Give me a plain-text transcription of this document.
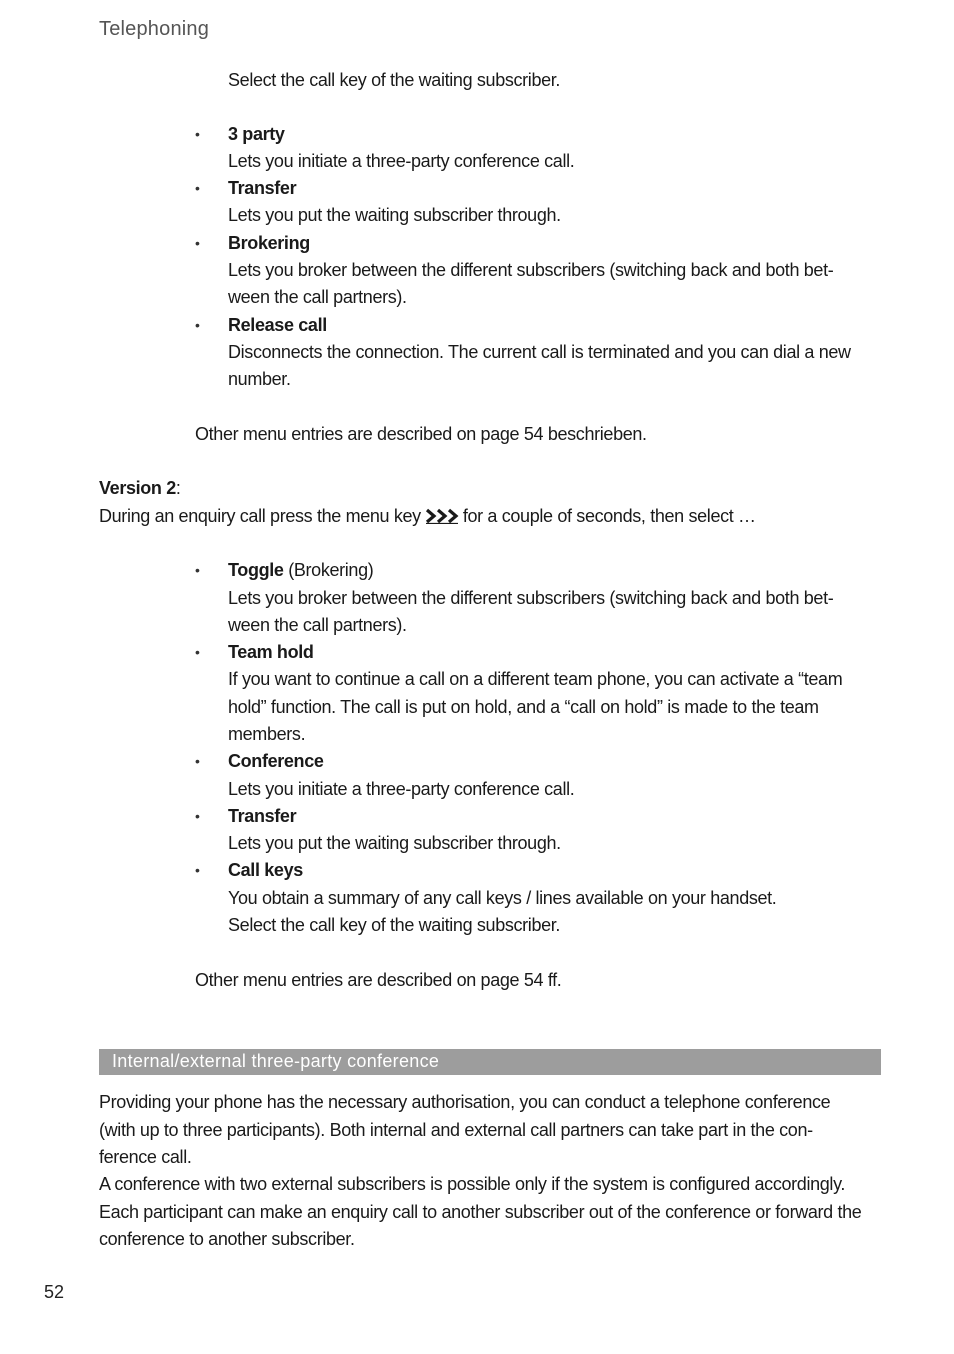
Telephoning
Select the call key of the waiting subscriber.
• 3 party
Lets you initiate a three-party conference call.
• Transfer
Lets you put the waiting subscriber through.
• Brokering
Lets you broker between the different subscribers (switching back and both bet-
ween the call partners).
• Release call
Disconnects the connection. The current call is terminated and you can dial a new
number.
Other menu entries are described on page 54 beschrieben.
Version 2:
During an enquiry call press the menu key for a couple of seconds, then select …
• Toggle (Brokering)
Lets you broker between the different subscribers (switching back and both bet-
ween the call partners).
• Team hold
If you want to continue a call on a different team phone, you can activate a “team
hold” function. The call is put on hold, and a “call on hold” is made to the team
members.
• Conference
Lets you initiate a three-party conference call.
• Transfer
Lets you put the waiting subscriber through.
• Call keys
You obtain a summary of any call keys / lines available on your handset.
Select the call key of the waiting subscriber.
Other menu entries are described on page 54 ff.
Internal/external three-party conference
Providing your phone has the necessary authorisation, you can conduct a telephone conference
(with up to three participants). Both internal and external call partners can take part in the con-
ference call.
A conference with two external subscribers is possible only if the system is configured accordingly.
Each participant can make an enquiry call to another subscriber out of the conference or forward the
conference to another subscriber.
52
